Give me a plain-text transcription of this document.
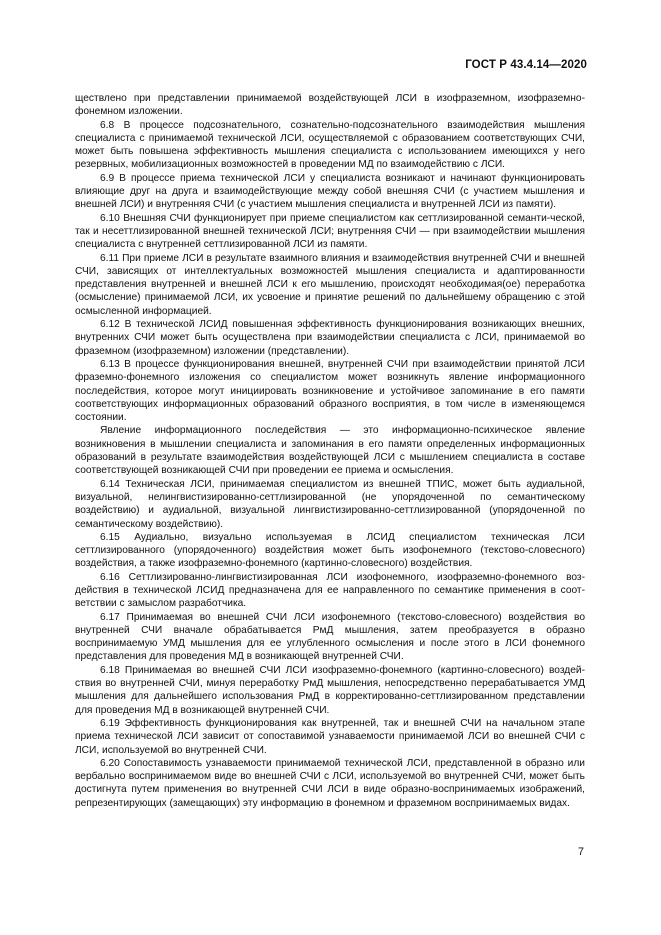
ГОСТ Р 43.4.14—2020

ществлено при представлении принимаемой воздействующей ЛСИ в изофраземном, изофраземно-фонемном изложении.

6.8 В процессе подсознательного, сознательно-подсознательного взаимодействия мышления специалиста с принимаемой технической ЛСИ, осуществляемой с образованием соответствующих СЧИ, может быть повышена эффективность мышления специалиста с использованием имеющихся у него резервных, мобилизационных возможностей в проведении МД по взаимодействию с ЛСИ.

6.9 В процессе приема технической ЛСИ у специалиста возникают и начинают функционировать влияющие друг на друга и взаимодействующие между собой внешняя СЧИ (с участием мышления и внешней ЛСИ) и внутренняя СЧИ (с участием мышления специалиста и внутренней ЛСИ из памяти).

6.10 Внешняя СЧИ функционирует при приеме специалистом как сеттлизированной семанти-ческой, так и несеттлизированной внешней технической ЛСИ; внутренняя СЧИ — при взаимодействии мышления специалиста с внутренней сеттлизированной ЛСИ из памяти.

6.11 При приеме ЛСИ в результате взаимного влияния и взаимодействия внутренней СЧИ и внешней СЧИ, зависящих от интеллектуальных возможностей мышления специалиста и адаптированности представления внутренней и внешней ЛСИ к его мышлению, происходят необходимая(ое) переработка (осмысление) принимаемой ЛСИ, их усвоение и принятие решений по дальнейшему обращению с этой осмысленной информацией.

6.12 В технической ЛСИД повышенная эффективность функционирования возникающих внешних, внутренних СЧИ может быть осуществлена при взаимодействии специалиста с ЛСИ, принимаемой во фраземном (изофраземном) изложении (представлении).

6.13 В процессе функционирования внешней, внутренней СЧИ при взаимодействии принятой ЛСИ фраземно-фонемного изложения со специалистом может возникнуть явление информационного последействия, которое могут инициировать возникновение и устойчивое запоминание в его памяти соответствующих информационных образований образного восприятия, в том числе в изменяющемся состоянии.

Явление информационного последействия — это информационно-психическое явление возникновения в мышлении специалиста и запоминания в его памяти определенных информационных образований в результате взаимодействия воздействующей ЛСИ с мышлением специалиста в составе соответствующей возникающей СЧИ при проведении ее приема и осмысления.

6.14 Техническая ЛСИ, принимаемая специалистом из внешней ТПИС, может быть аудиальной, визуальной, нелингвистизированно-сеттлизированной (не упорядоченной по семантическому воздействию) и аудиальной, визуальной лингвистизированно-сеттлизированной (упорядоченной по семантическому воздействию).

6.15 Аудиально, визуально используемая в ЛСИД специалистом техническая ЛСИ сеттлизированного (упорядоченного) воздействия может быть изофонемного (текстово-словесного) воздействия, а также изофраземно-фонемного (картинно-словесного) воздействия.

6.16 Сеттлизированно-лингвистизированная ЛСИ изофонемного, изофраземно-фонемного воз-действия в технической ЛСИД предназначена для ее направленного по семантике применения в соот-ветствии с замыслом разработчика.

6.17 Принимаемая во внешней СЧИ ЛСИ изофонемного (текстово-словесного) воздействия во внутренней СЧИ вначале обрабатывается РмД мышления, затем преобразуется в образно воспринимаемую УМД мышления для ее углубленного осмысления и после этого в ЛСИ фонемного представления для проведения МД в возникающей внутренней СЧИ.

6.18 Принимаемая во внешней СЧИ ЛСИ изофраземно-фонемного (картинно-словесного) воздей-ствия во внутренней СЧИ, минуя переработку РмД мышления, непосредственно перерабатывается УМД мышления для дальнейшего использования РмД в корректированно-сеттлизированном представлении для проведения МД в возникающей внутренней СЧИ.

6.19 Эффективность функционирования как внутренней, так и внешней СЧИ на начальном этапе приема технической ЛСИ зависит от сопоставимой узнаваемости принимаемой ЛСИ во внешней СЧИ с ЛСИ, используемой во внутренней СЧИ.

6.20 Сопоставимость узнаваемости принимаемой технической ЛСИ, представленной в образно или вербально воспринимаемом виде во внешней СЧИ с ЛСИ, используемой во внутренней СЧИ, может быть достигнута путем применения во внутренней СЧИ ЛСИ в виде образно-воспринимаемых изображений, репрезентирующих (замещающих) эту информацию в фонемном и фраземном воспринимаемых видах.

7
